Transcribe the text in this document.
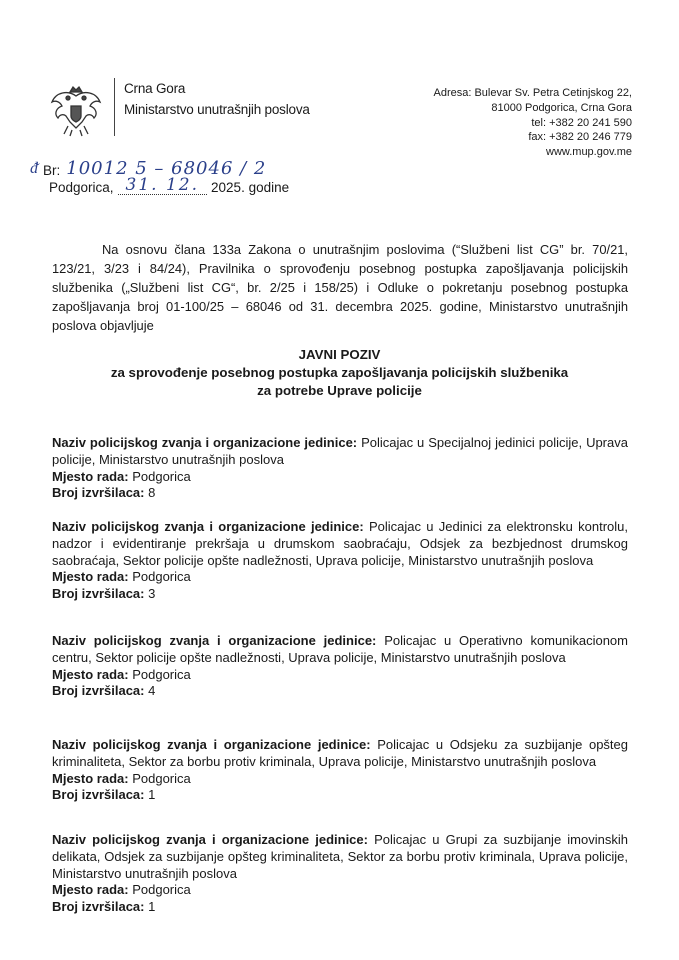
Crna Gora
Ministarstvo unutrašnjih poslova
Adresa: Bulevar Sv. Petra Cetinjskog 22,
81000 Podgorica, Crna Gora
tel: +382 20 241 590
fax: +382 20 246 779
www.mup.gov.me
ᵭ Br: 10012 5 – 68046 / 2
Podgorica, 31. 12. 2025. godine
Na osnovu člana 133a Zakona o unutrašnjim poslovima (“Službeni list CG” br. 70/21, 123/21, 3/23 i 84/24), Pravilnika o sprovođenju posebnog postupka zapošljavanja policijskih službenika („Službeni list CG“, br. 2/25 i 158/25) i Odluke o pokretanju posebnog postupka zapošljavanja broj 01-100/25 – 68046 od 31. decembra 2025. godine, Ministarstvo unutrašnjih poslova objavljuje
JAVNI POZIV
za sprovođenje posebnog postupka zapošljavanja policijskih službenika
za potrebe Uprave policije
Naziv policijskog zvanja i organizacione jedinice: Policajac u Specijalnoj jedinici policije, Uprava policije, Ministarstvo unutrašnjih poslova
Mjesto rada: Podgorica
Broj izvršilaca: 8
Naziv policijskog zvanja i organizacione jedinice: Policajac u Jedinici za elektronsku kontrolu, nadzor i evidentiranje prekršaja u drumskom saobraćaju, Odsjek za bezbjednost drumskog saobraćaja, Sektor policije opšte nadležnosti, Uprava policije, Ministarstvo unutrašnjih poslova
Mjesto rada: Podgorica
Broj izvršilaca: 3
Naziv policijskog zvanja i organizacione jedinice: Policajac u Operativno komunikacionom centru, Sektor policije opšte nadležnosti, Uprava policije, Ministarstvo unutrašnjih poslova
Mjesto rada: Podgorica
Broj izvršilaca: 4
Naziv policijskog zvanja i organizacione jedinice: Policajac u Odsjeku za suzbijanje opšteg kriminaliteta, Sektor za borbu protiv kriminala, Uprava policije, Ministarstvo unutrašnjih poslova
Mjesto rada: Podgorica
Broj izvršilaca: 1
Naziv policijskog zvanja i organizacione jedinice: Policajac u Grupi za suzbijanje imovinskih delikata, Odsjek za suzbijanje opšteg kriminaliteta, Sektor za borbu protiv kriminala, Uprava policije, Ministarstvo unutrašnjih poslova
Mjesto rada: Podgorica
Broj izvršilaca: 1
